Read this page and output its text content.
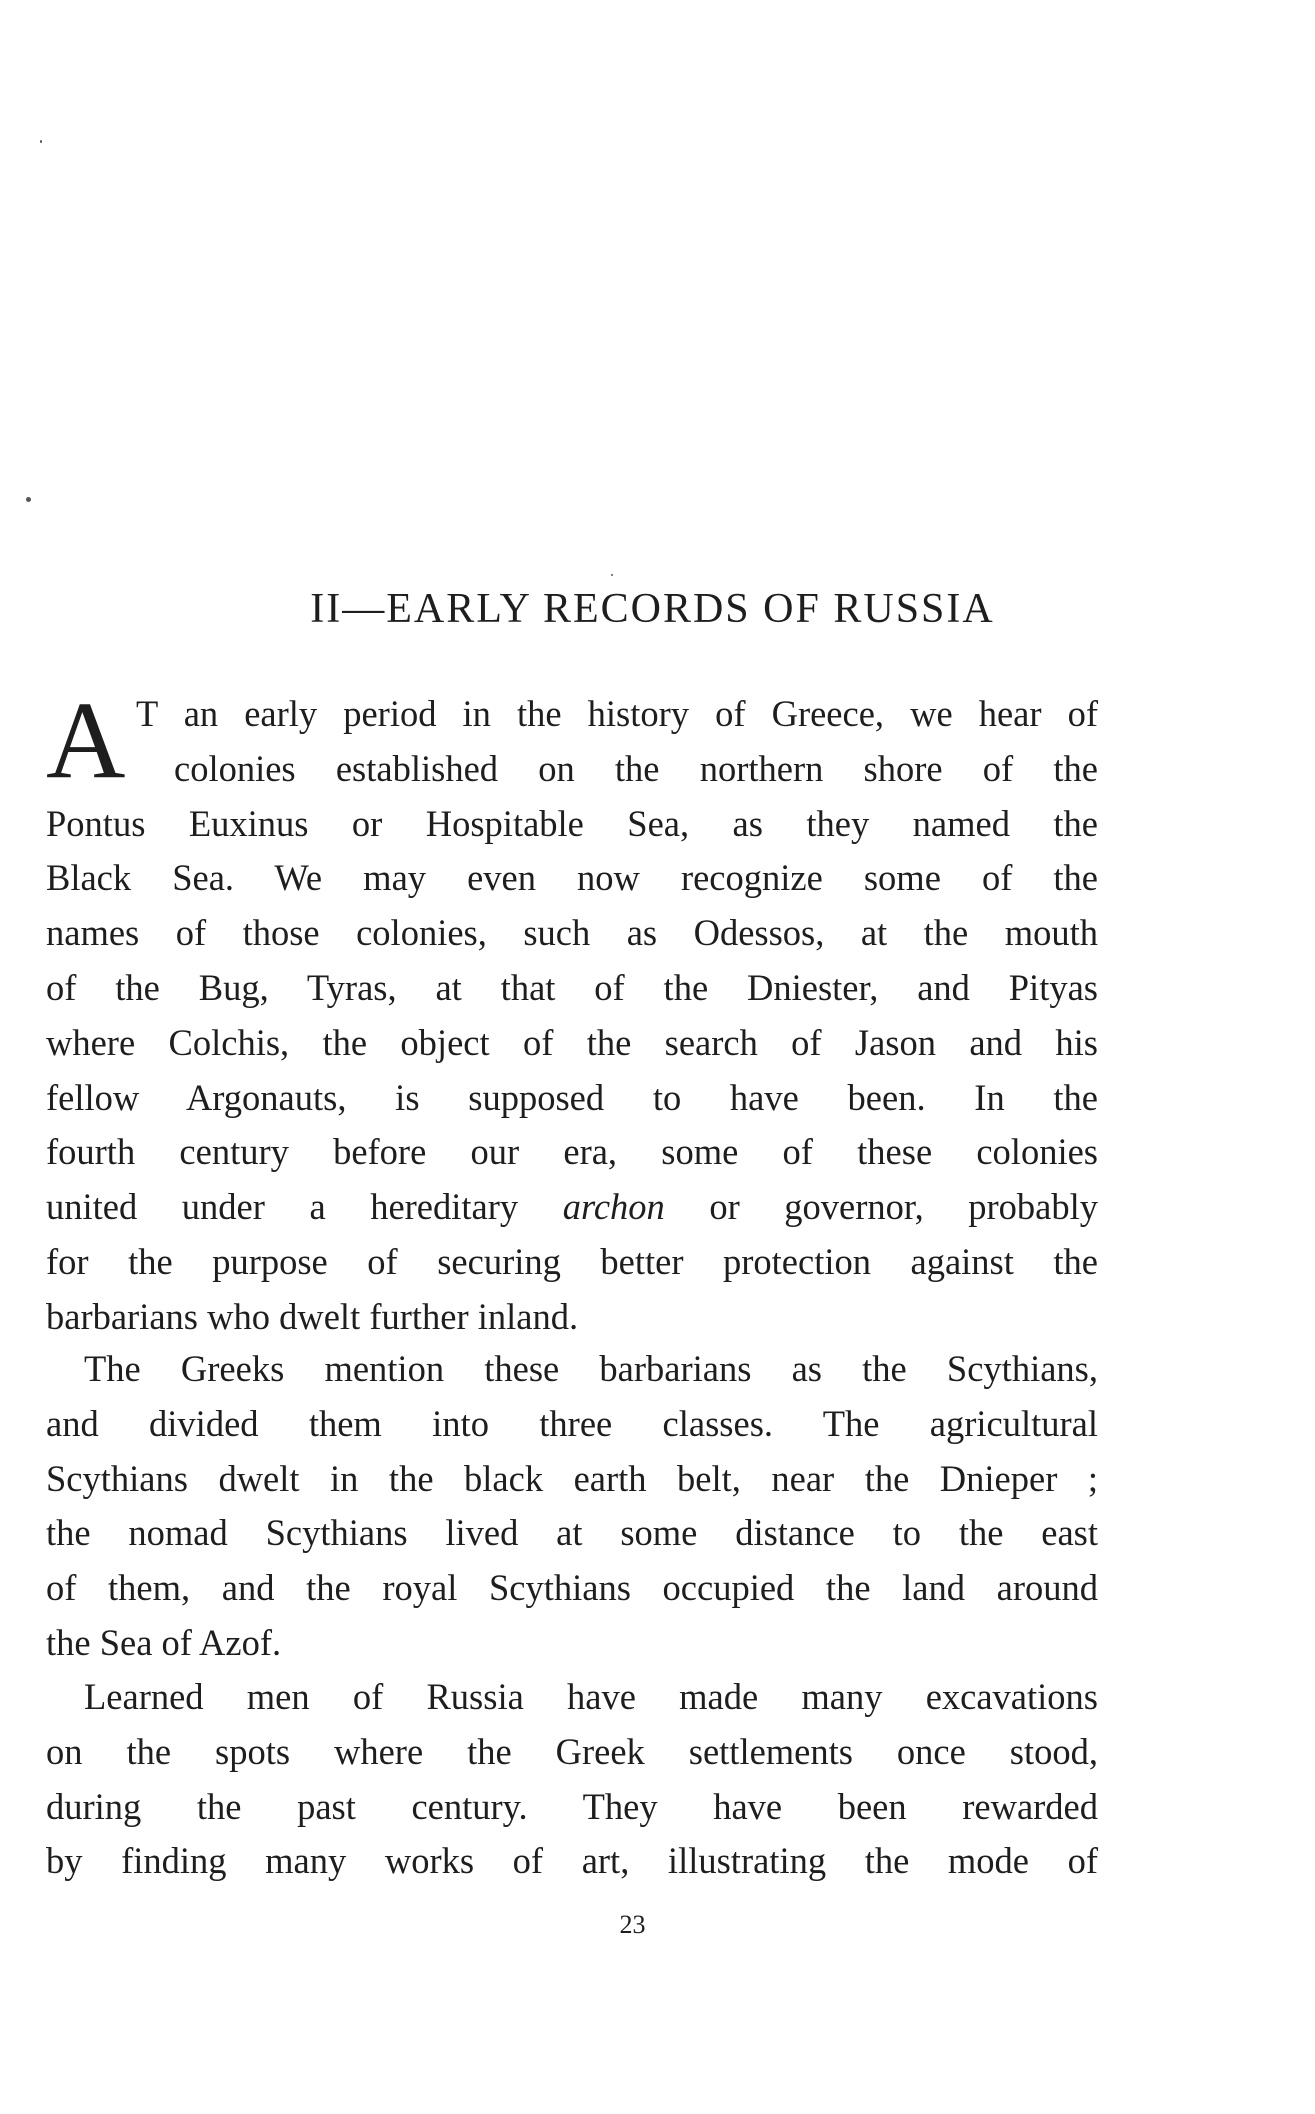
II—EARLY RECORDS OF RUSSIA
A T an early period in the history of Greece, we hear of
colonies established on the northern shore of the
Pontus Euxinus or Hospitable Sea, as they named the
Black Sea. We may even now recognize some of the
names of those colonies, such as Odessos, at the mouth
of the Bug, Tyras, at that of the Dniester, and Pityas
where Colchis, the object of the search of Jason and his
fellow Argonauts, is supposed to have been. In the
fourth century before our era, some of these colonies
united under a hereditary archon or governor, probably
for the purpose of securing better protection against the
barbarians who dwelt further inland.
The Greeks mention these barbarians as the Scythians,
and divided them into three classes. The agricultural
Scythians dwelt in the black earth belt, near the Dnieper ;
the nomad Scythians lived at some distance to the east
of them, and the royal Scythians occupied the land around
the Sea of Azof.
Learned men of Russia have made many excavations
on the spots where the Greek settlements once stood,
during the past century. They have been rewarded
by finding many works of art, illustrating the mode of
23
